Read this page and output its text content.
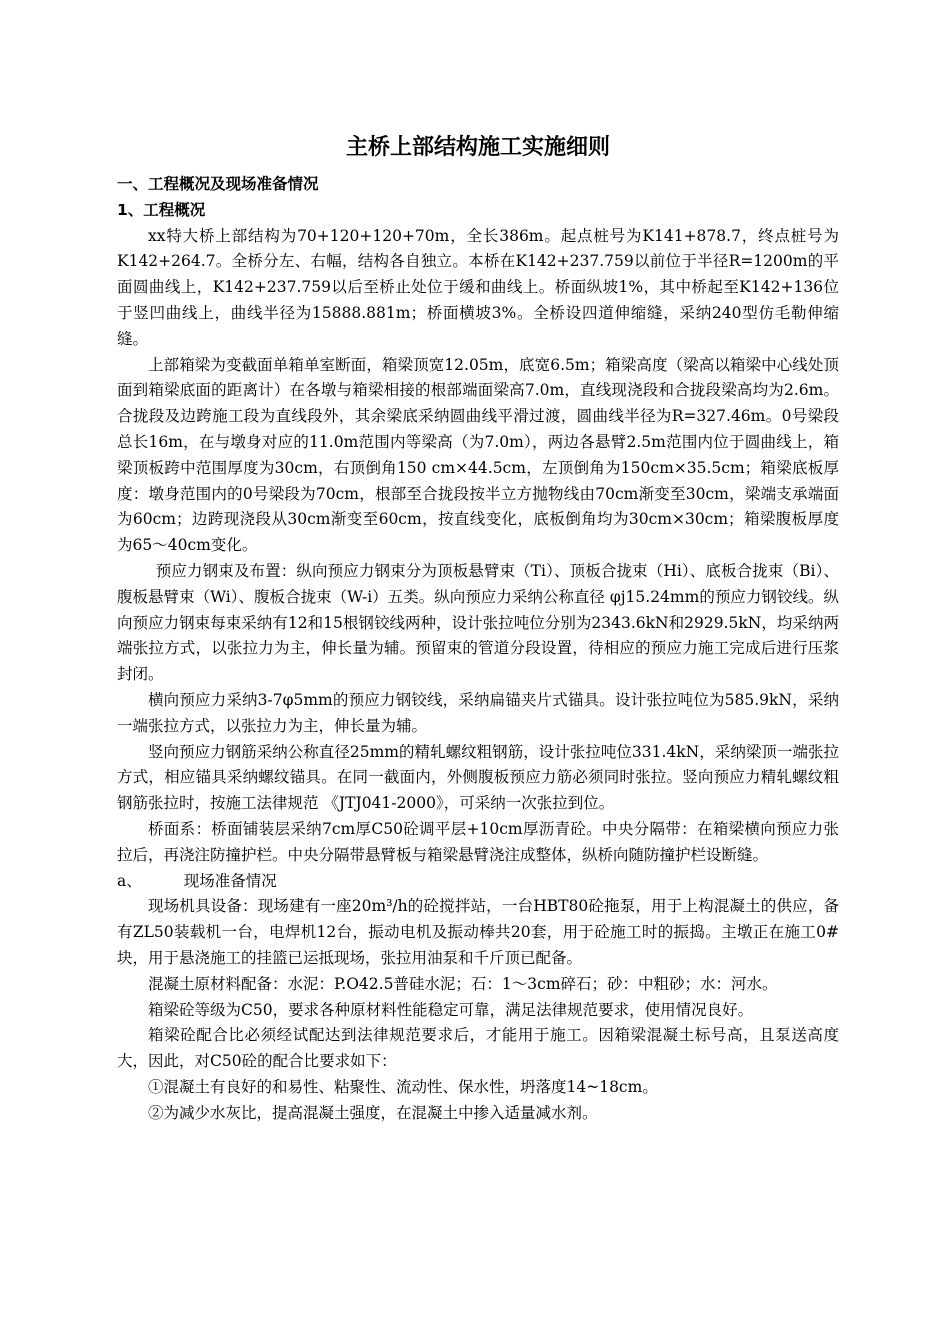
主桥上部结构施工实施细则
一、工程概况及现场准备情况
1、工程概况

xx特大桥上部结构为70+120+120+70m，全长386m。起点桩号为K141+878.7，终点桩号为K142+264.7。全桥分左、右幅，结构各自独立。本桥在K142+237.759以前位于半径R=1200m的平面圆曲线上，K142+237.759以后至桥止处位于缓和曲线上。桥面纵坡1%，其中桥起至K142+136位于竖凹曲线上，曲线半径为15888.881m；桥面横坡3%。全桥设四道伸缩缝，采纳240型仿毛勒伸缩缝。

上部箱梁为变截面单箱单室断面，箱梁顶宽12.05m，底宽6.5m；箱梁高度（梁高以箱梁中心线处顶面到箱梁底面的距离计）在各墩与箱梁相接的根部端面梁高7.0m，直线现浇段和合拢段梁高均为2.6m。合拢段及边跨施工段为直线段外，其余梁底采纳圆曲线平滑过渡，圆曲线半径为R=327.46m。0号梁段总长16m，在与墩身对应的11.0m范围内等梁高（为7.0m），两边各悬臂2.5m范围内位于圆曲线上，箱梁顶板跨中范围厚度为30cm，右顶倒角150 cm×44.5cm，左顶倒角为150cm×35.5cm；箱梁底板厚度：墩身范围内的0号梁段为70cm，根部至合拢段按半立方抛物线由70cm渐变至30cm，梁端支承端面为60cm；边跨现浇段从30cm渐变至60cm，按直线变化，底板倒角均为30cm×30cm；箱梁腹板厚度为65～40cm变化。

预应力钢束及布置：纵向预应力钢束分为顶板悬臂束（Ti）、顶板合拢束（Hi）、底板合拢束（Bi）、腹板悬臂束（Wi）、腹板合拢束（W-i）五类。纵向预应力采纳公称直径 φj15.24mm的预应力钢铰线。纵向预应力钢束每束采纳有12和15根钢铰线两种，设计张拉吨位分别为2343.6kN和2929.5kN，均采纳两端张拉方式，以张拉力为主，伸长量为辅。预留束的管道分段设置，待相应的预应力施工完成后进行压浆封闭。

横向预应力采纳3-7φ5mm的预应力钢铰线，采纳扁锚夹片式锚具。设计张拉吨位为585.9kN，采纳一端张拉方式，以张拉力为主，伸长量为辅。

竖向预应力钢筋采纳公称直径25mm的精轧螺纹粗钢筋，设计张拉吨位331.4kN，采纳梁顶一端张拉方式，相应锚具采纳螺纹锚具。在同一截面内，外侧腹板预应力筋必须同时张拉。竖向预应力精轧螺纹粗钢筋张拉时，按施工法律规范 《JTJ041-2000》，可采纳一次张拉到位。

桥面系：桥面铺装层采纳7cm厚C50砼调平层+10cm厚沥青砼。中央分隔带：在箱梁横向预应力张拉后，再浇注防撞护栏。中央分隔带悬臂板与箱梁悬臂浇注成整体，纵桥向随防撞护栏设断缝。

a、	现场准备情况

现场机具设备：现场建有一座20m³/h的砼搅拌站，一台HBT80砼拖泵，用于上构混凝土的供应，备有ZL50装载机一台，电焊机12台，振动电机及振动棒共20套，用于砼施工时的振捣。主墩正在施工0#块，用于悬浇施工的挂篮已运抵现场，张拉用油泵和千斤顶已配备。

混凝土原材料配备：水泥：P.O42.5普硅水泥；石：1～3cm碎石；砂：中粗砂；水：河水。

箱梁砼等级为C50，要求各种原材料性能稳定可靠，满足法律规范要求，使用情况良好。

箱梁砼配合比必须经试配达到法律规范要求后，才能用于施工。因箱梁混凝土标号高，且泵送高度大，因此，对C50砼的配合比要求如下：

①混凝土有良好的和易性、粘聚性、流动性、保水性，坍落度14~18cm。

②为减少水灰比，提高混凝土强度，在混凝土中掺入适量减水剂。
